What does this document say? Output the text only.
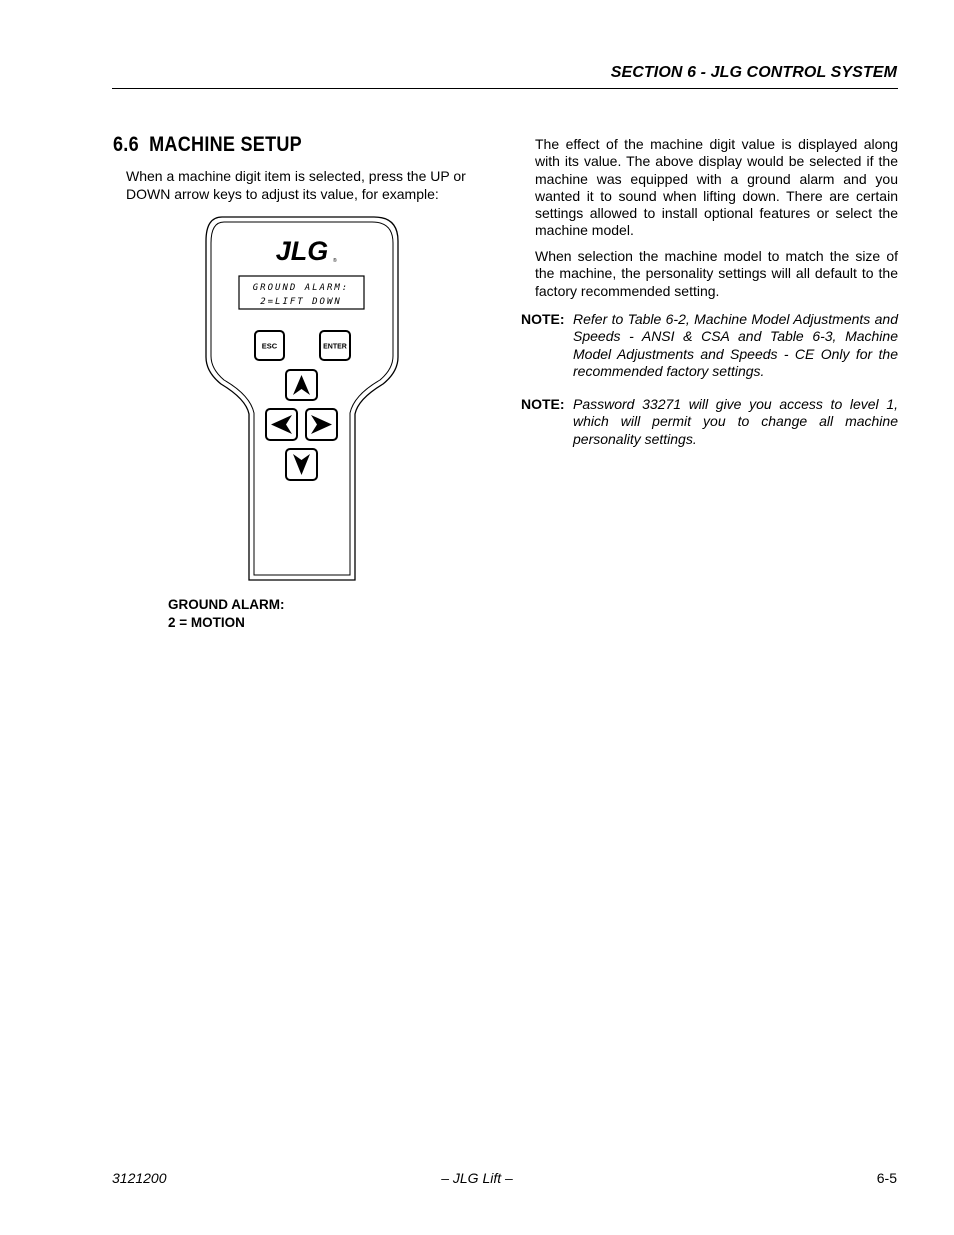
SECTION 6 - JLG CONTROL SYSTEM
6.6 MACHINE SETUP
When a machine digit item is selected, press the UP or DOWN arrow keys to adjust its value, for example:
JLG ®
GROUND ALARM:
2=LIFT DOWN
ESC	ENTER
GROUND ALARM:
2 = MOTION

The effect of the machine digit value is displayed along with its value. The above display would be selected if the machine was equipped with a ground alarm and you wanted it to sound when lifting down. There are certain settings allowed to install optional features or select the machine model.

When selection the machine model to match the size of the machine, the personality settings will all default to the factory recommended setting.

NOTE: Refer to Table 6-2, Machine Model Adjustments and Speeds - ANSI & CSA and Table 6-3, Machine Model Adjustments and Speeds - CE Only for the recommended factory settings.
NOTE: Password 33271 will give you access to level 1, which will permit you to change all machine personality settings.
3121200	– JLG Lift –	6-5
